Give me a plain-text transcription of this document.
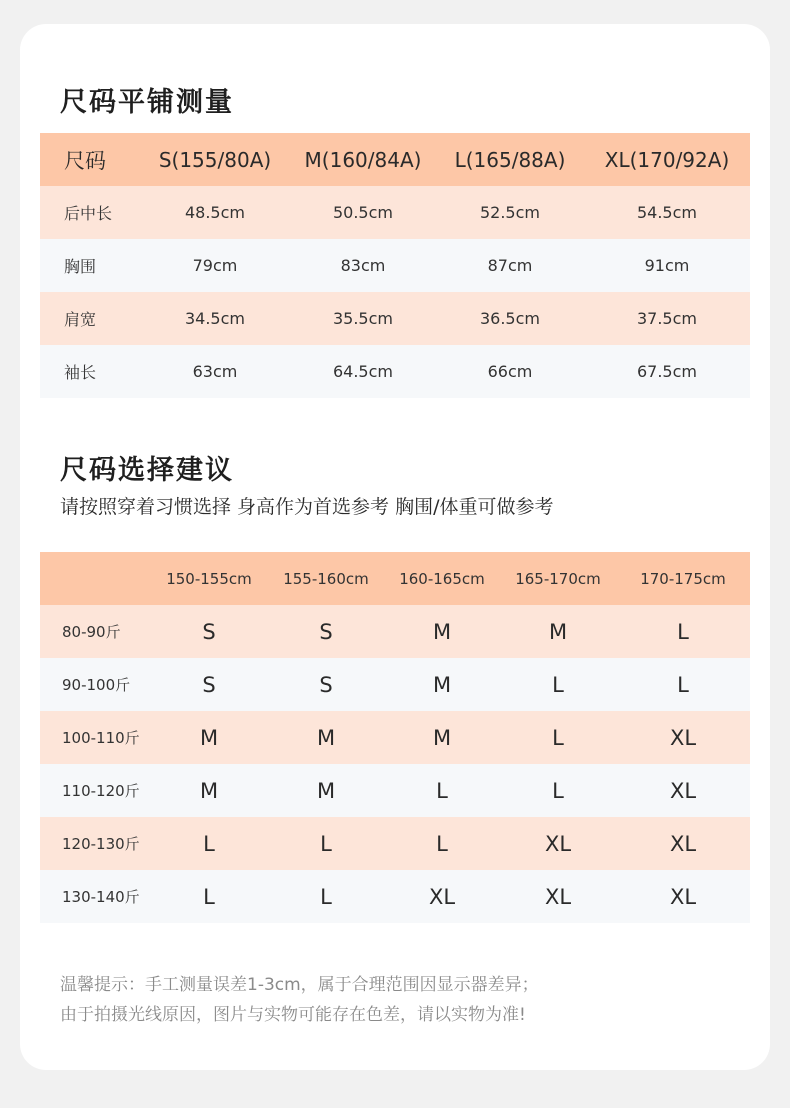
尺码平铺测量
尺码	S(155/80A)	M(160/84A)	L(165/88A)	XL(170/92A)
后中长	48.5cm	50.5cm	52.5cm	54.5cm
胸围	79cm	83cm	87cm	91cm
肩宽	34.5cm	35.5cm	36.5cm	37.5cm
袖长	63cm	64.5cm	66cm	67.5cm
尺码选择建议
请按照穿着习惯选择 身高作为首选参考 胸围/体重可做参考
	150-155cm	155-160cm	160-165cm	165-170cm	170-175cm
80-90斤	S	S	M	M	L
90-100斤	S	S	M	L	L
100-110斤	M	M	M	L	XL
110-120斤	M	M	L	L	XL
120-130斤	L	L	L	XL	XL
130-140斤	L	L	XL	XL	XL
温馨提示：手工测量误差1-3cm，属于合理范围因显示器差异；
由于拍摄光线原因，图片与实物可能存在色差，请以实物为准!
